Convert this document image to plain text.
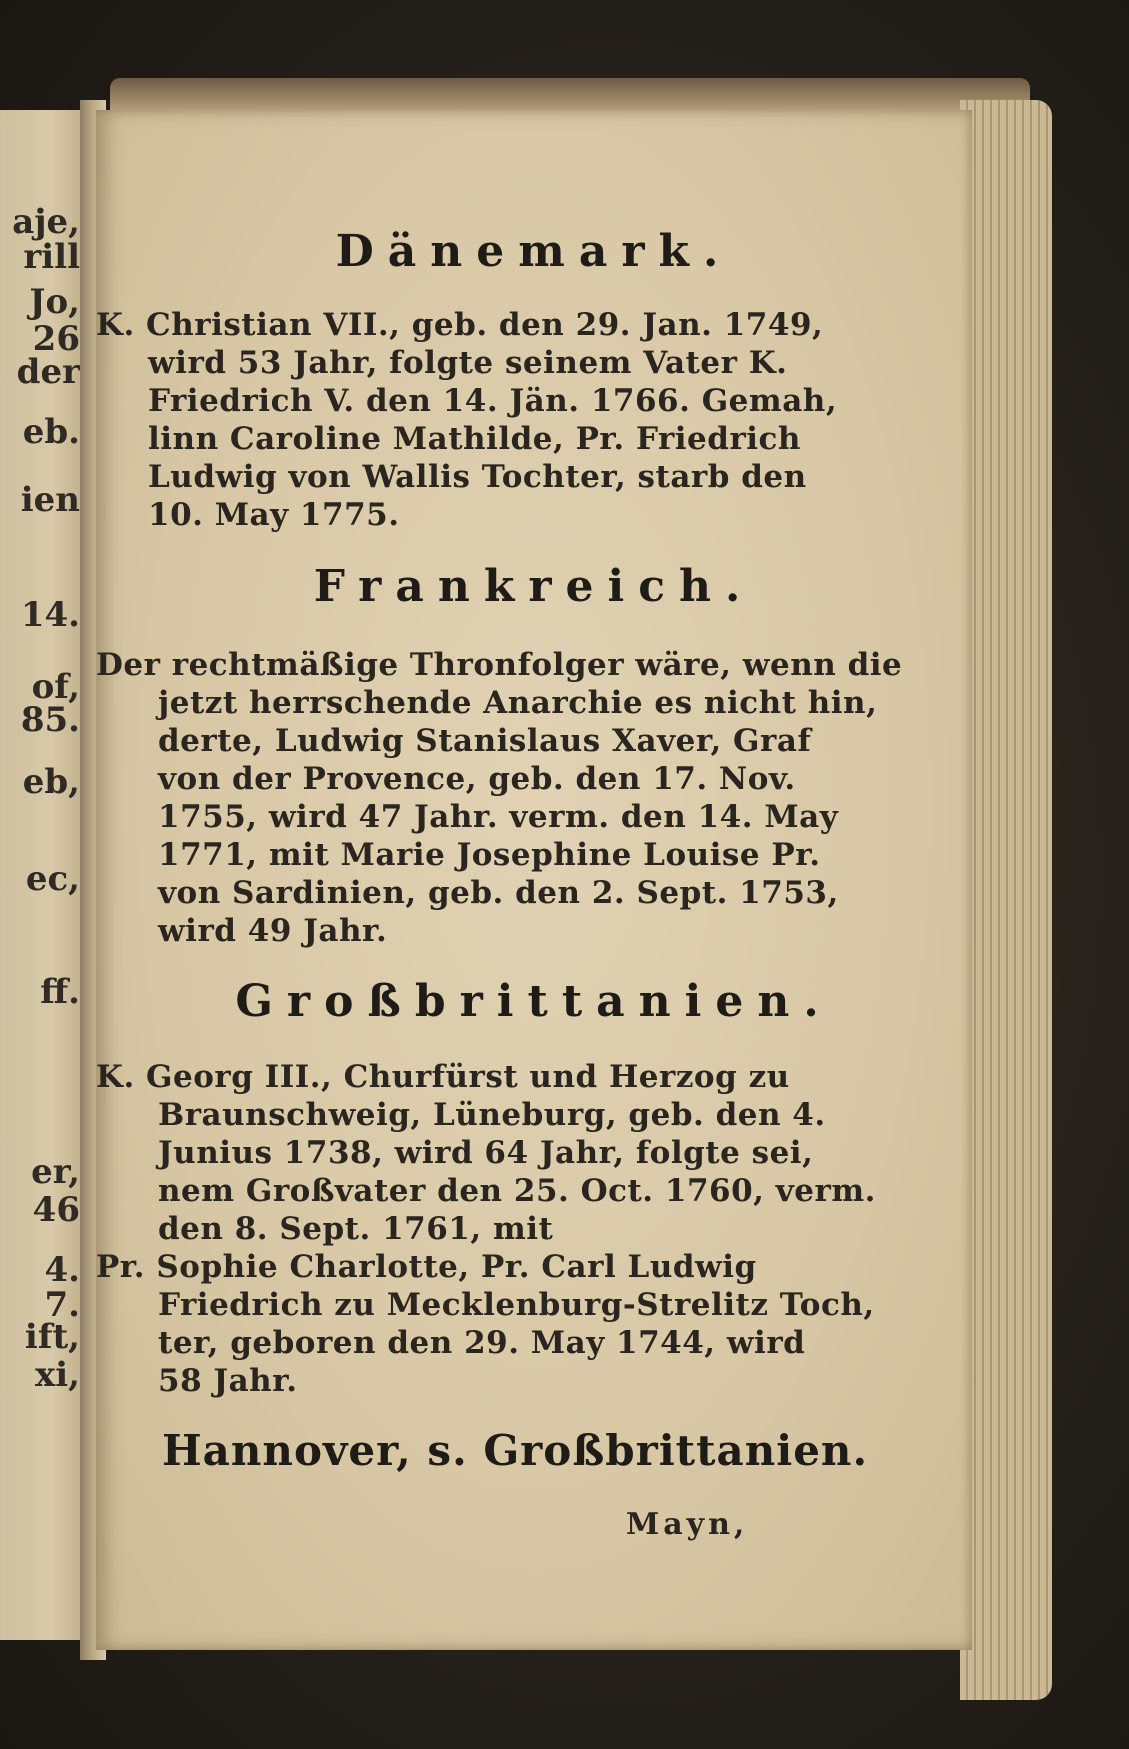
aje,
rill
Jo,
26
der
eb.
ien
14.
of,
85.
eb,
ec,
ff.
er,
46
4.
7.
ift,
xi,
Dänemark.
K. Christian VII., geb. den 29. Jan. 1749,
wird 53 Jahr, folgte seinem Vater K.
Friedrich V. den 14. Jän. 1766. Gemah,
linn Caroline Mathilde, Pr. Friedrich
Ludwig von Wallis Tochter, starb den
10. May 1775.
Frankreich.
Der rechtmäßige Thronfolger wäre, wenn die
jetzt herrschende Anarchie es nicht hin,
derte, Ludwig Stanislaus Xaver, Graf
von der Provence, geb. den 17. Nov.
1755, wird 47 Jahr. verm. den 14. May
1771, mit Marie Josephine Louise Pr.
von Sardinien, geb. den 2. Sept. 1753,
wird 49 Jahr.
Großbrittanien.
K. Georg III., Churfürst und Herzog zu
Braunschweig, Lüneburg, geb. den 4.
Junius 1738, wird 64 Jahr, folgte sei,
nem Großvater den 25. Oct. 1760, verm.
den 8. Sept. 1761, mit
Pr. Sophie Charlotte, Pr. Carl Ludwig
Friedrich zu Mecklenburg-Strelitz Toch,
ter, geboren den 29. May 1744, wird
58 Jahr.
Hannover, s. Großbrittanien.
Mayn,
